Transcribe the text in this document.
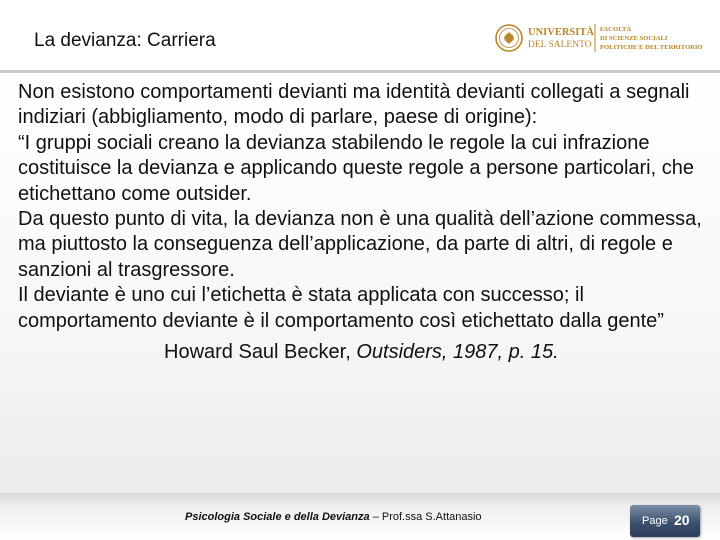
La devianza: Carriera	UNIVERSITÀ
DEL SALENTO
FACOLTÀ
DI SCIENZE SOCIALI
POLITICHE E DEL TERRITORIO

Non esistono comportamenti devianti ma identità devianti collegati a segnali indiziari (abbigliamento, modo di parlare, paese di origine):

“I gruppi sociali creano la devianza stabilendo le regole la cui infrazione costituisce la devianza e applicando queste regole a persone particolari, che etichettano come outsider.

Da questo punto di vita, la devianza non è una qualità dell’azione commessa, ma piuttosto la conseguenza dell’applicazione, da parte di altri, di regole e sanzioni al trasgressore.

Il deviante è uno cui l’etichetta è stata applicata con successo; il comportamento deviante è il comportamento così etichettato dalla gente”

Howard Saul Becker, Outsiders, 1987, p. 15.
Psicologia Sociale e della Devianza – Prof.ssa S.Attanasio	Page 20
